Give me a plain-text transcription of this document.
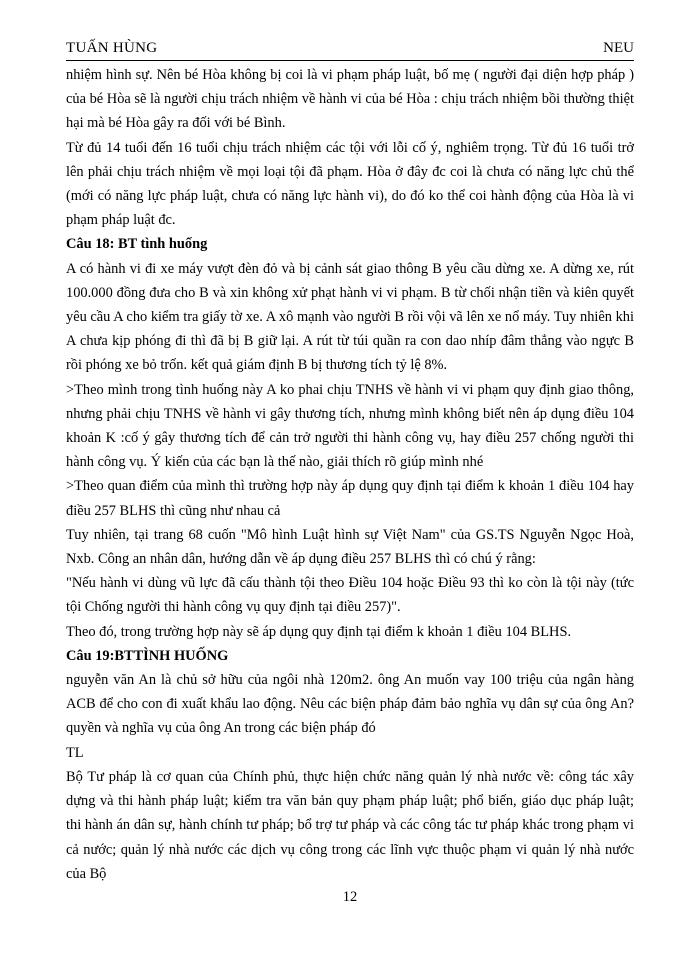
TUẤN HÙNG	NEU

nhiệm hình sự. Nên bé Hòa không bị coi là vi phạm pháp luật, bố mẹ ( người đại diện hợp pháp ) của bé Hòa sẽ là người chịu trách nhiệm về hành vi của bé Hòa : chịu trách nhiệm bồi thường thiệt hại mà bé Hòa gây ra đối với bé Bình.

Từ đủ 14 tuổi đến 16 tuổi chịu trách nhiệm các tội với lỗi cố ý, nghiêm trọng. Từ đủ 16 tuổi trở lên phải chịu trách nhiệm về mọi loại tội đã phạm. Hòa ở đây đc coi là chưa có năng lực chủ thể (mới có năng lực pháp luật, chưa có năng lực hành vi), do đó ko thể coi hành động của Hòa là vi phạm pháp luật đc.

Câu 18: BT tình huống

A có hành vi đi xe máy vượt đèn đỏ và bị cảnh sát giao thông B yêu cầu dừng xe. A dừng xe, rút 100.000 đồng đưa cho B và xin không xử phạt hành vi vi phạm. B từ chối nhận tiền và kiên quyết yêu cầu A cho kiểm tra giấy tờ xe. A xô mạnh vào người B rồi vội vã lên xe nổ máy. Tuy nhiên khi A chưa kịp phóng đi thì đã bị B giữ lại. A rút từ túi quần ra con dao nhíp đâm thẳng vào ngực B rồi phóng xe bỏ trốn. kết quả giám định B bị thương tích tỷ lệ 8%.

>Theo mình trong tình huống này A ko phai chịu TNHS về hành vi vi phạm quy định giao thông, nhưng phải chịu TNHS về hành vi gây thương tích, nhưng mình không biết nên áp dụng điều 104 khoản K :cố ý gây thương tích để cản trở người thi hành công vụ, hay điều 257 chống người thi hành công vụ. Ý kiến của các bạn là thế nào, giải thích rõ giúp mình nhé

>Theo quan điểm của mình thì trường hợp này áp dụng quy định tại điểm k khoản 1 điều 104 hay điều 257 BLHS thì cũng như nhau cả

Tuy nhiên, tại trang 68 cuốn "Mô hình Luật hình sự Việt Nam" của GS.TS Nguyễn Ngọc Hoà, Nxb. Công an nhân dân, hướng dẫn về áp dụng điều 257 BLHS thì có chú ý rằng:

"Nếu hành vi dùng vũ lực đã cấu thành tội theo Điều 104 hoặc Điều 93 thì ko còn là tội này (tức tội Chống người thi hành công vụ quy định tại điều 257)".

Theo đó, trong trường hợp này sẽ áp dụng quy định tại điểm k khoản 1 điều 104 BLHS.

Câu 19:BTTÌNH HUỐNG

nguyễn văn An là chủ sở hữu của ngôi nhà 120m2. ông An muốn vay 100 triệu của ngân hàng ACB để cho con đi xuất khẩu lao động. Nêu các biện pháp đảm bảo nghĩa vụ dân sự của ông An? quyền và nghĩa vụ của ông An trong các biện pháp đó

TL

Bộ Tư pháp là cơ quan của Chính phủ, thực hiện chức năng quản lý nhà nước về: công tác xây dựng và thi hành pháp luật; kiểm tra văn bản quy phạm pháp luật; phổ biến, giáo dục pháp luật; thi hành án dân sự, hành chính tư pháp; bổ trợ tư pháp và các công tác tư pháp khác trong phạm vi cả nước; quản lý nhà nước các dịch vụ công trong các lĩnh vực thuộc phạm vi quản lý nhà nước của Bộ

12
